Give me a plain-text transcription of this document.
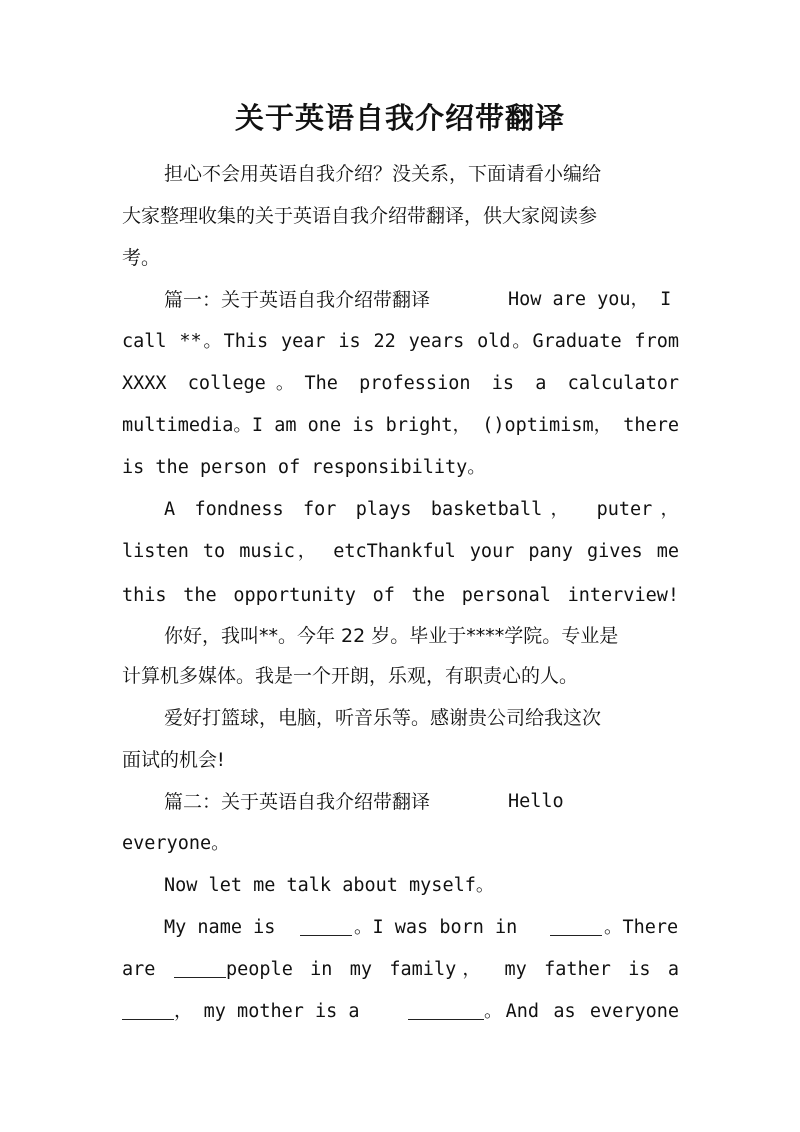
关于英语自我介绍带翻译
担心不会用英语自我介绍？没关系，下面请看小编给
大家整理收集的关于英语自我介绍带翻译，供大家阅读参
考。
篇一：关于英语自我介绍带翻译	How are you， I
call **。This year is 22 years old。Graduate from
XXXX college。The profession is a calculator
multimedia。I am one is bright， ()optimism， there
is the person of responsibility。
A fondness for plays basketball， puter，
listen to music， etcThankful your pany gives me
this the opportunity of the personal interview!
你好，我叫**。今年 22 岁。毕业于****学院。专业是
计算机多媒体。我是一个开朗，乐观，有职责心的人。
爱好打篮球，电脑，听音乐等。感谢贵公司给我这次
面试的机会!
篇二：关于英语自我介绍带翻译	Hello
everyone。
Now let me talk about myself。
My name is	。I was born in	。There
are	people in my family， my father is a
， my mother is a	。And as everyone
